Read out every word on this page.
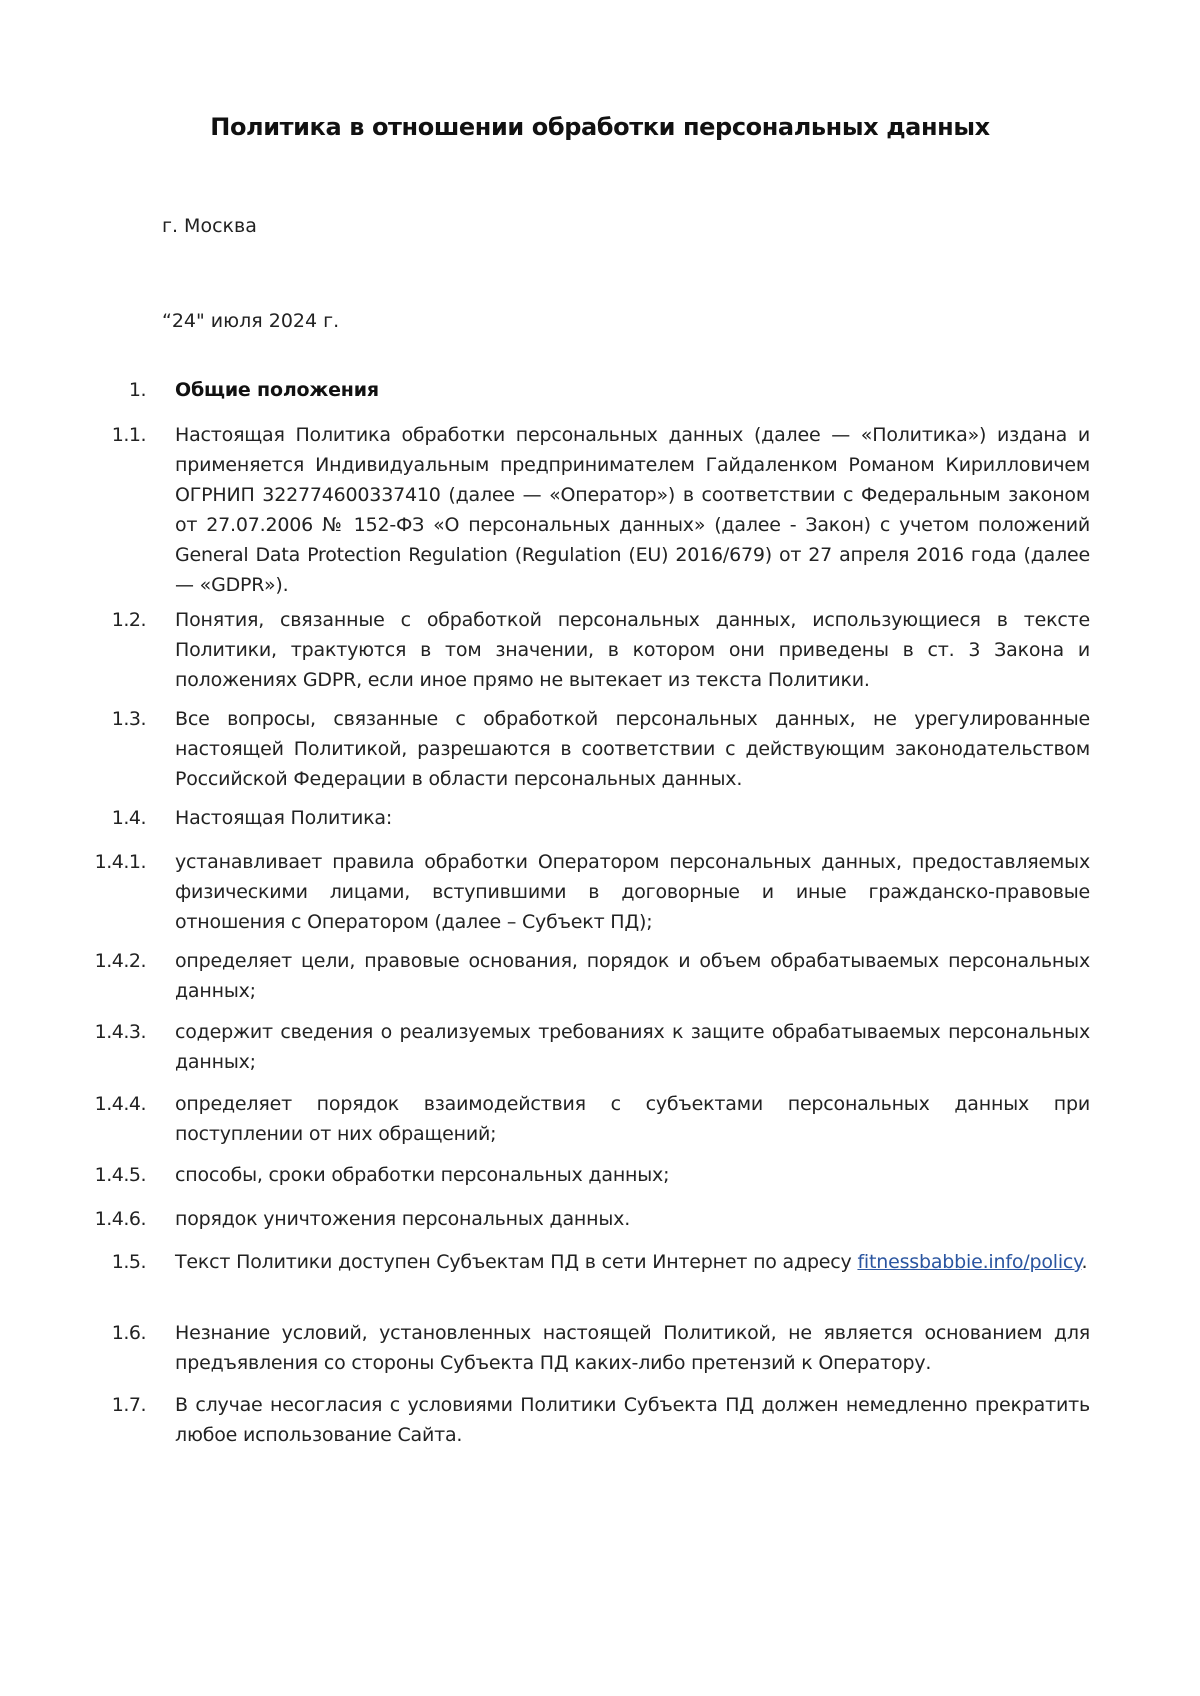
Политика в отношении обработки персональных данных
г. Москва
“24" июля 2024 г.
1. Общие положения
1.1. Настоящая Политика обработки персональных данных (далее — «Политика») издана и применяется Индивидуальным предпринимателем Гайдаленком Романом Кирилловичем ОГРНИП 322774600337410 (далее — «Оператор») в соответствии с Федеральным законом от 27.07.2006 № 152-ФЗ «О персональных данных» (далее - Закон) с учетом положений General Data Protection Regulation (Regulation (EU) 2016/679) от 27 апреля 2016 года (далее — «GDPR»).
1.2. Понятия, связанные с обработкой персональных данных, использующиеся в тексте Политики, трактуются в том значении, в котором они приведены в ст. 3 Закона и положениях GDPR, если иное прямо не вытекает из текста Политики.
1.3. Все вопросы, связанные с обработкой персональных данных, не урегулированные настоящей Политикой, разрешаются в соответствии с действующим законодательством Российской Федерации в области персональных данных.
1.4. Настоящая Политика:
1.4.1. устанавливает правила обработки Оператором персональных данных, предоставляемых физическими лицами, вступившими в договорные и иные гражданско-правовые отношения с Оператором (далее – Субъект ПД);
1.4.2. определяет цели, правовые основания, порядок и объем обрабатываемых персональных данных;
1.4.3. содержит сведения о реализуемых требованиях к защите обрабатываемых персональных данных;
1.4.4. определяет порядок взаимодействия с субъектами персональных данных при поступлении от них обращений;
1.4.5. способы, сроки обработки персональных данных;
1.4.6. порядок уничтожения персональных данных.
1.5. Текст Политики доступен Субъектам ПД в сети Интернет по адресу fitnessbabbie.info/policy.
1.6. Незнание условий, установленных настоящей Политикой, не является основанием для предъявления со стороны Субъекта ПД каких-либо претензий к Оператору.
1.7. В случае несогласия с условиями Политики Субъекта ПД должен немедленно прекратить любое использование Сайта.
